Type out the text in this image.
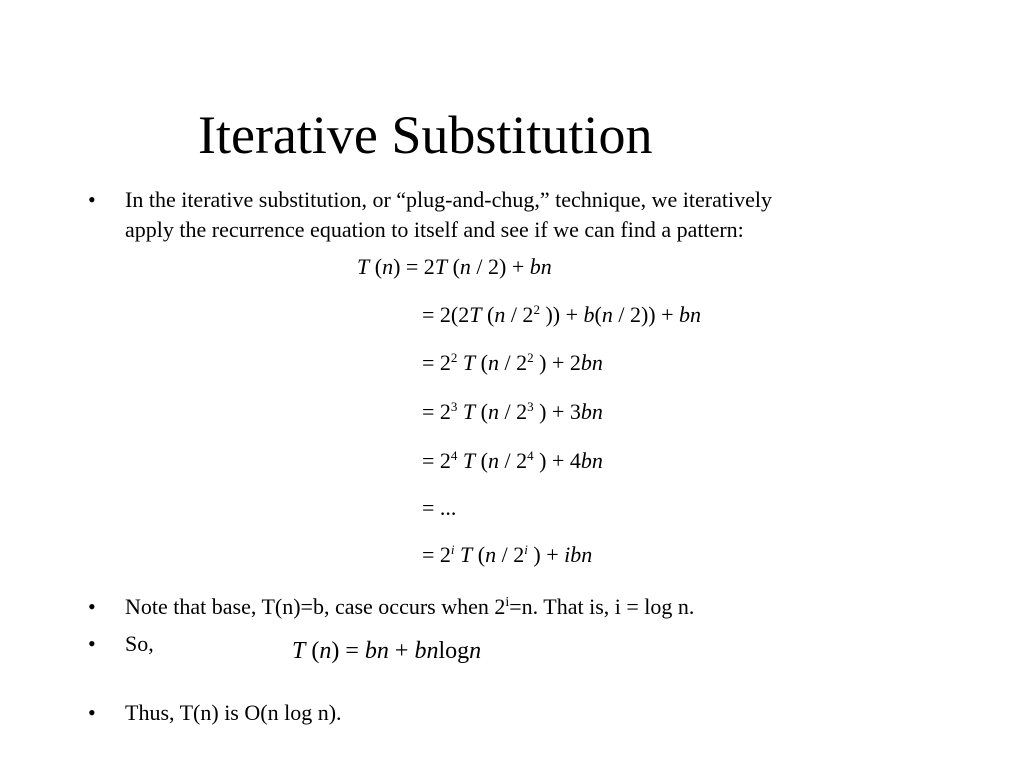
Iterative Substitution
• In the iterative substitution, or “plug-and-chug,” technique, we iteratively
apply the recurrence equation to itself and see if we can find a pattern:
T (n) = 2T (n / 2) + bn
= 2(2T ($n / 2^2$ )) + b(n / 2)) + bn
= $2^2$ T ($n / 2^2$ ) + 2bn
= $2^3$ T ($n / 2^3$ ) + 3bn
= $2^4$ T ($n / 2^4$ ) + 4bn
= ...
= $2^i$ T (n / 2$^i$ ) + ibn
• Note that base, T(n)=b, case occurs when $2^i=n$. That is, i = log n.
• So,	T (n) = bn + bnlogn
• Thus, T(n) is O(n log n).
